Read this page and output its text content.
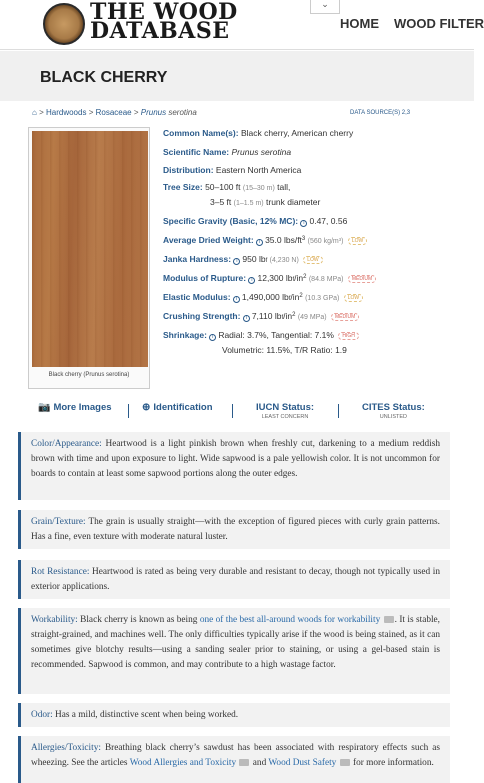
THE WOOD
DATABASE
⌄
HOME WOOD FILTER
BLACK CHERRY
⌂ > Hardwoods > Rosaceae > Prunus serotina	DATA SOURCE(S) 2,3
Black cherry (Prunus serotina)
Common Name(s): Black cherry, American cherry
Scientific Name: Prunus serotina
Distribution: Eastern North America
Tree Size: 50–100 ft (15–30 m) tall,
3–5 ft (1–1.5 m) trunk diameter
Specific Gravity (Basic, 12% MC): i 0.47, 0.56
Average Dried Weight: i 35.0 lbs/$ft^3$ (560 kg/m³) LOW
Janka Hardness: i 950 lbf (4,230 N) LOW
Modulus of Rupture: i 12,300 lbf/$in^2$ (84.8 MPa) MEDIUM
Elastic Modulus: i 1,490,000 lbf/$in^2$ (10.3 GPa) LOW
Crushing Strength: i 7,110 lbf/$in^2$ (49 MPa) MEDIUM
Shrinkage: i Radial: 3.7%, Tangential: 7.1% HIGH
Volumetric: 11.5%, T/R Ratio: 1.9
📷 More Images	⊕ Identification	IUCN Status:
LEAST CONCERN
CITES Status:
UNLISTED
Color/Appearance: Heartwood is a light pinkish brown when freshly cut, darkening to a medium reddish brown with time and upon exposure to light. Wide sapwood is a pale yellowish color. It is not uncommon for boards to contain at least some sapwood portions along the outer edges.
Grain/Texture: The grain is usually straight—with the exception of figured pieces with curly grain patterns. Has a fine, even texture with moderate natural luster.
Rot Resistance: Heartwood is rated as being very durable and resistant to decay, though not typically used in exterior applications.
Workability: Black cherry is known as being one of the best all-around woods for workability . It is stable, straight-grained, and machines well. The only difficulties typically arise if the wood is being stained, as it can sometimes give blotchy results—using a sanding sealer prior to staining, or using a gel-based stain is recommended. Sapwood is common, and may contribute to a high wastage factor.
Odor: Has a mild, distinctive scent when being worked.
Allergies/Toxicity: Breathing black cherry’s sawdust has been associated with respiratory effects such as wheezing. See the articles Wood Allergies and Toxicity  and Wood Dust Safety  for more information.
